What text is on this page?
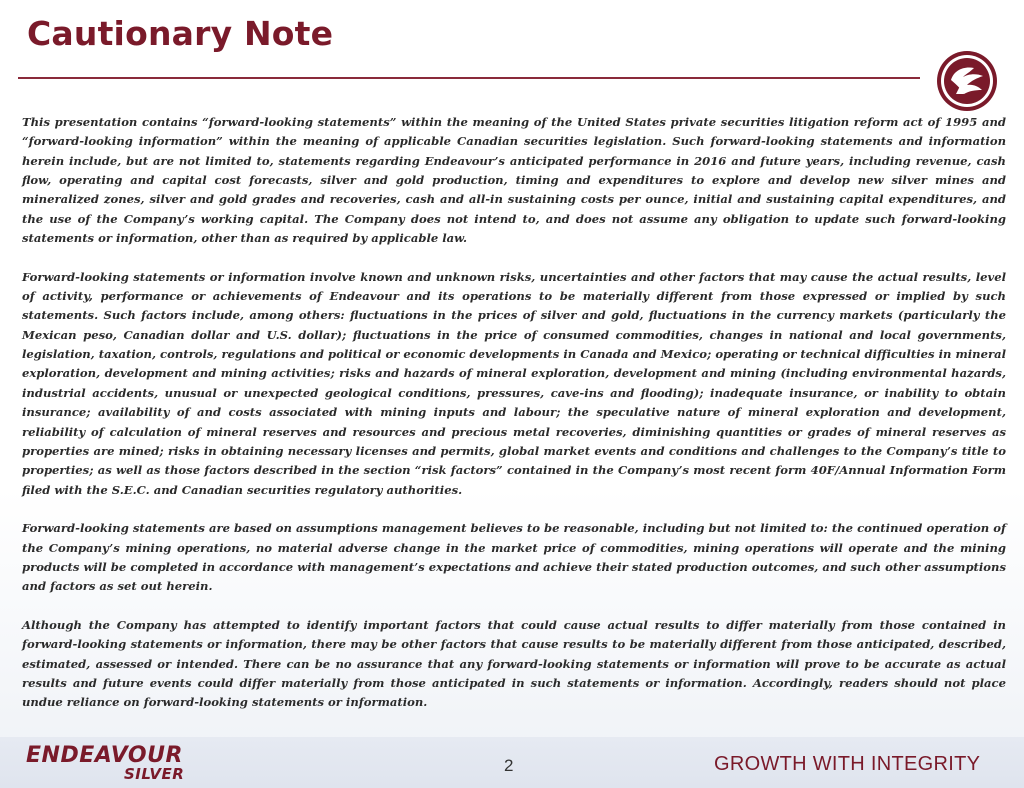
Cautionary Note

This presentation contains “forward-looking statements” within the meaning of the United States private securities litigation reform act of 1995 and “forward-looking information” within the meaning of applicable Canadian securities legislation. Such forward-looking statements and information herein include, but are not limited to, statements regarding Endeavour’s anticipated performance in 2016 and future years, including revenue, cash flow, operating and capital cost forecasts, silver and gold production, timing and expenditures to explore and develop new silver mines and mineralized zones, silver and gold grades and recoveries, cash and all-in sustaining costs per ounce, initial and sustaining capital expenditures, and the use of the Company’s working capital. The Company does not intend to, and does not assume any obligation to update such forward-looking statements or information, other than as required by applicable law.

Forward-looking statements or information involve known and unknown risks, uncertainties and other factors that may cause the actual results, level of activity, performance or achievements of Endeavour and its operations to be materially different from those expressed or implied by such statements. Such factors include, among others: fluctuations in the prices of silver and gold, fluctuations in the currency markets (particularly the Mexican peso, Canadian dollar and U.S. dollar); fluctuations in the price of consumed commodities, changes in national and local governments, legislation, taxation, controls, regulations and political or economic developments in Canada and Mexico; operating or technical difficulties in mineral exploration, development and mining activities; risks and hazards of mineral exploration, development and mining (including environmental hazards, industrial accidents, unusual or unexpected geological conditions, pressures, cave-ins and flooding); inadequate insurance, or inability to obtain insurance; availability of and costs associated with mining inputs and labour; the speculative nature of mineral exploration and development, reliability of calculation of mineral reserves and resources and precious metal recoveries, diminishing quantities or grades of mineral reserves as properties are mined; risks in obtaining necessary licenses and permits, global market events and conditions and challenges to the Company’s title to properties; as well as those factors described in the section “risk factors” contained in the Company’s most recent form 40F/Annual Information Form filed with the S.E.C. and Canadian securities regulatory authorities.

Forward-looking statements are based on assumptions management believes to be reasonable, including but not limited to: the continued operation of the Company’s mining operations, no material adverse change in the market price of commodities, mining operations will operate and the mining products will be completed in accordance with management’s expectations and achieve their stated production outcomes, and such other assumptions and factors as set out herein.

Although the Company has attempted to identify important factors that could cause actual results to differ materially from those contained in forward-looking statements or information, there may be other factors that cause results to be materially different from those anticipated, described, estimated, assessed or intended. There can be no assurance that any forward-looking statements or information will prove to be accurate as actual results and future events could differ materially from those anticipated in such statements or information. Accordingly, readers should not place undue reliance on forward-looking statements or information.

ENDEAVOUR
SILVER	2	GROWTH WITH INTEGRITY
